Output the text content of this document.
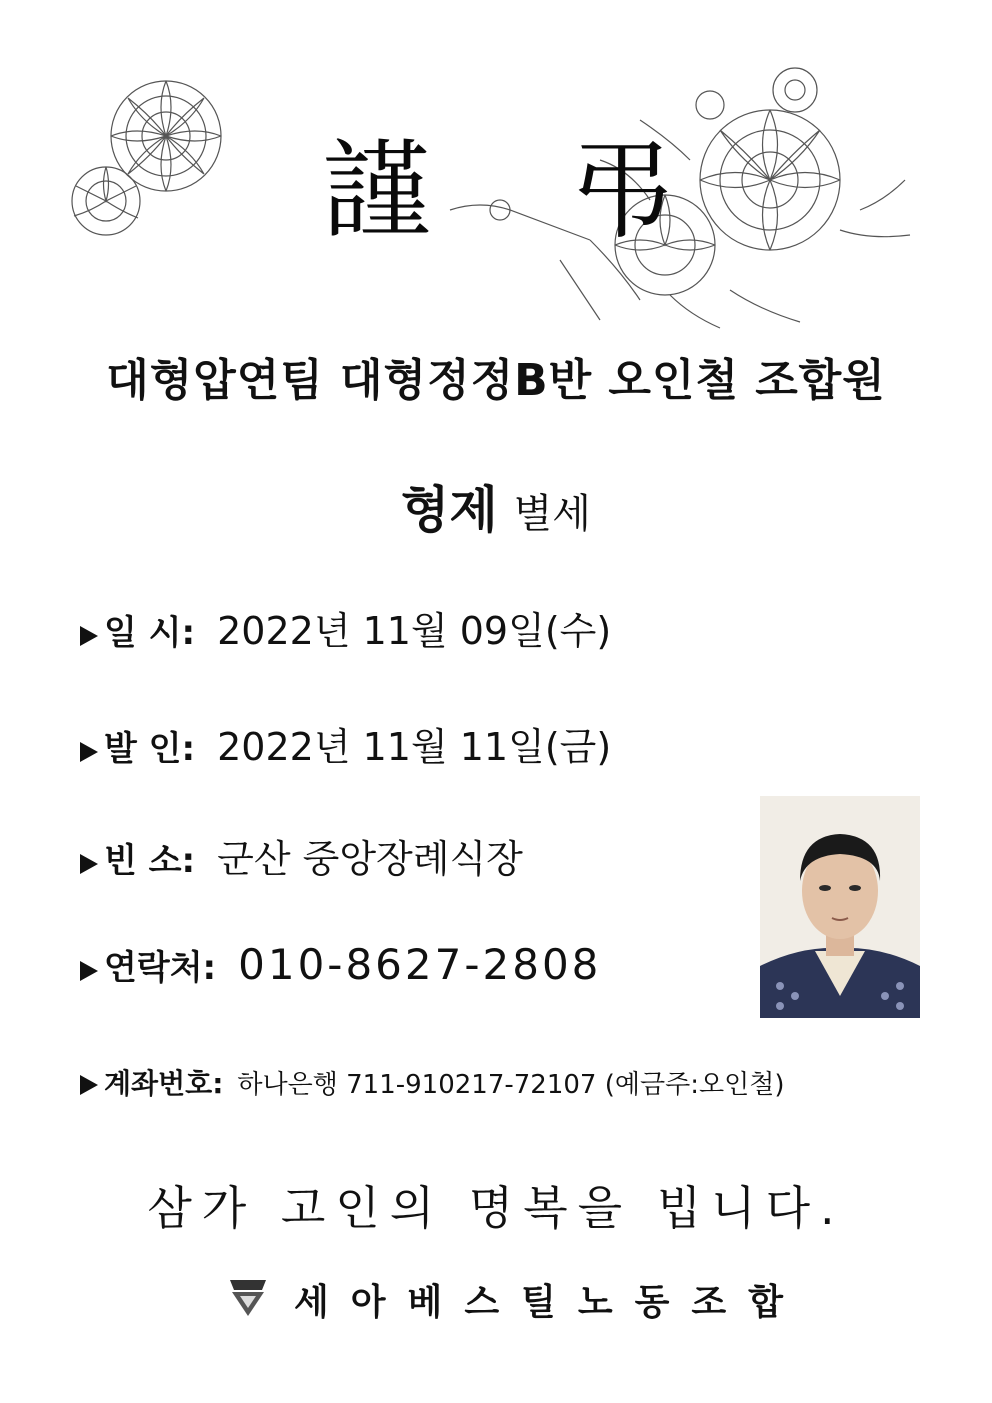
謹 弔
대형압연팀 대형정정B반 오인철 조합원
형제 별세
일 시: 2022년 11월 09일(수)
발 인: 2022년 11월 11일(금)
빈 소: 군산 중앙장례식장
연락처: 010-8627-2808
계좌번호: 하나은행 711-910217-72107 (예금주:오인철)
삼가 고인의 명복을 빕니다.
세아베스틸노동조합
